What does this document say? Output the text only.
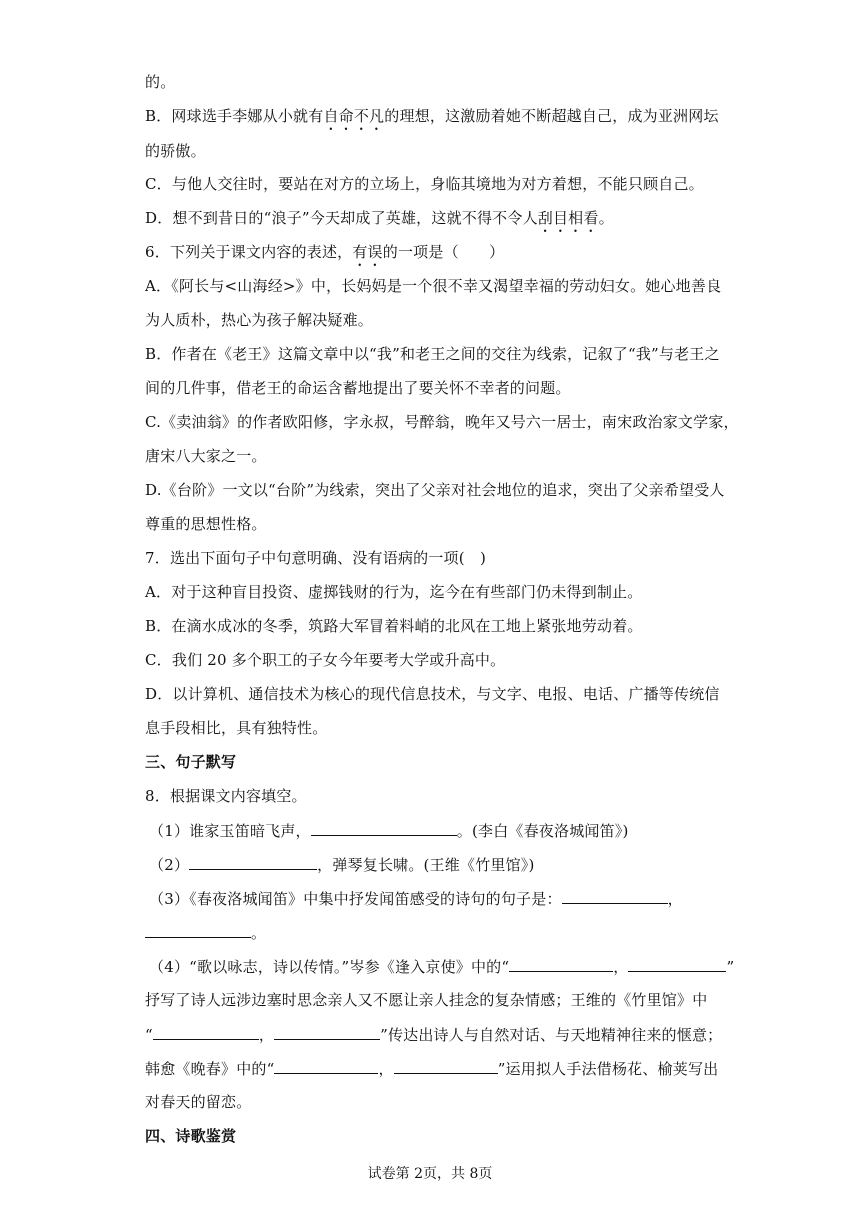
的。
B．网球选手李娜从小就有自命不凡的理想，这激励着她不断超越自己，成为亚洲网坛
的骄傲。
C．与他人交往时，要站在对方的立场上，身临其境地为对方着想，不能只顾自己。
D．想不到昔日的“浪子”今天却成了英雄，这就不得不令人刮目相看。
6．下列关于课文内容的表述，有误的一项是（　　）
A．《阿长与<山海经>》中，长妈妈是一个很不幸又渴望幸福的劳动妇女。她心地善良
为人质朴，热心为孩子解决疑难。
B．作者在《老王》这篇文章中以“我”和老王之间的交往为线索，记叙了“我”与老王之
间的几件事，借老王的命运含蓄地提出了要关怀不幸者的问题。
C.《卖油翁》的作者欧阳修，字永叔，号醉翁，晚年又号六一居士，南宋政治家文学家，
唐宋八大家之一。
D.《台阶》一文以“台阶”为线索，突出了父亲对社会地位的追求，突出了父亲希望受人
尊重的思想性格。
7．选出下面句子中句意明确、没有语病的一项(　)
A．对于这种盲目投资、虚掷钱财的行为，迄今在有些部门仍未得到制止。
B．在滴水成冰的冬季，筑路大军冒着料峭的北风在工地上紧张地劳动着。
C．我们 20 多个职工的子女今年要考大学或升高中。
D．以计算机、通信技术为核心的现代信息技术，与文字、电报、电话、广播等传统信
息手段相比，具有独特性。
三、句子默写
8．根据课文内容填空。
（1）谁家玉笛暗飞声，	。(李白《春夜洛城闻笛》)
（2）	，弹琴复长啸。(王维《竹里馆》)
（3）《春夜洛城闻笛》中集中抒发闻笛感受的诗句的句子是：	，
。
（4）“歌以咏志，诗以传情。”岑参《逢入京使》中的“	，	”
抒写了诗人远涉边塞时思念亲人又不愿让亲人挂念的复杂情感；王维的《竹里馆》中
“	，	”传达出诗人与自然对话、与天地精神往来的惬意；
韩愈《晚春》中的“	，	”运用拟人手法借杨花、榆荚写出
对春天的留恋。
四、诗歌鉴赏
试卷第 2页，共 8页
